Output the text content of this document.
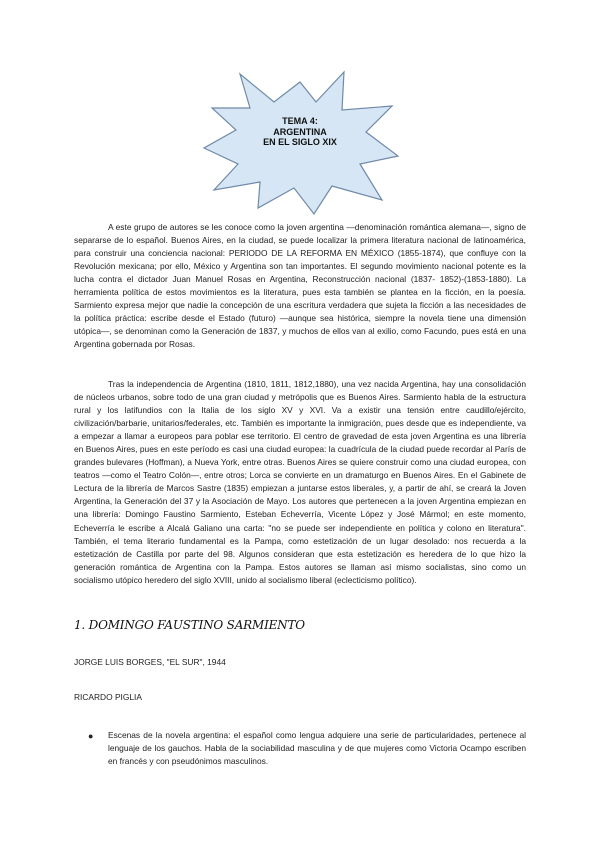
TEMA 4:
ARGENTINA
EN EL SIGLO XIX

A este grupo de autores se les conoce como la joven argentina —denominación romántica alemana—, signo de separarse de lo español. Buenos Aires, en la ciudad, se puede localizar la primera literatura nacional de latinoamérica, para construir una conciencia nacional: PERIODO DE LA REFORMA EN MÉXICO (1855-1874), que confluye con la Revolución mexicana; por ello, México y Argentina son tan importantes. El segundo movimiento nacional potente es la lucha contra el dictador Juan Manuel Rosas en Argentina, Reconstrucción nacional (1837- 1852)-(1853-1880). La herramienta política de estos movimientos es la literatura, pues esta también se plantea en la ficción, en la poesía. Sarmiento expresa mejor que nadie la concepción de una escritura verdadera que sujeta la ficción a las necesidades de la política práctica: escribe desde el Estado (futuro) —aunque sea histórica, siempre la novela tiene una dimensión utópica—, se denominan como la Generación de 1837, y muchos de ellos van al exilio, como Facundo, pues está en una Argentina gobernada por Rosas.

Tras la independencia de Argentina (1810, 1811, 1812,1880), una vez nacida Argentina, hay una consolidación de núcleos urbanos, sobre todo de una gran ciudad y metrópolis que es Buenos Aires. Sarmiento habla de la estructura rural y los latifundios con la Italia de los siglo XV y XVI. Va a existir una tensión entre caudillo/ejército, civilización/barbarie, unitarios/federales, etc. También es importante la inmigración, pues desde que es independiente, va a empezar a llamar a europeos para poblar ese territorio. El centro de gravedad de esta joven Argentina es una librería en Buenos Aires, pues en este período es casi una ciudad europea: la cuadrícula de la ciudad puede recordar al París de grandes bulevares (Hoffman), a Nueva York, entre otras. Buenos Aires se quiere construir como una ciudad europea, con teatros —como el Teatro Colón—, entre otros; Lorca se convierte en un dramaturgo en Buenos Aires. En el Gabinete de Lectura de la librería de Marcos Sastre (1835) empiezan a juntarse estos liberales, y, a partir de ahí, se creará la Joven Argentina, la Generación del 37 y la Asociación de Mayo. Los autores que pertenecen a la joven Argentina empiezan en una librería: Domingo Faustino Sarmiento, Esteban Echeverría, Vicente López y José Mármol; en este momento, Echeverría le escribe a Alcalá Galiano una carta: "no se puede ser independiente en política y colono en literatura". También, el tema literario fundamental es la Pampa, como estetización de un lugar desolado: nos recuerda a la estetización de Castilla por parte del 98. Algunos consideran que esta estetización es heredera de lo que hizo la generación romántica de Argentina con la Pampa. Estos autores se llaman así mismo socialistas, sino como un socialismo utópico heredero del siglo XVIII, unido al socialismo liberal (eclecticismo político).

1. DOMINGO FAUSTINO SARMIENTO
JORGE LUIS BORGES, "EL SUR", 1944
RICARDO PIGLIA
● Escenas de la novela argentina: el español como lengua adquiere una serie de particularidades, pertenece al lenguaje de los gauchos. Habla de la sociabilidad masculina y de que mujeres como Victoria Ocampo escriben en francés y con pseudónimos masculinos.
